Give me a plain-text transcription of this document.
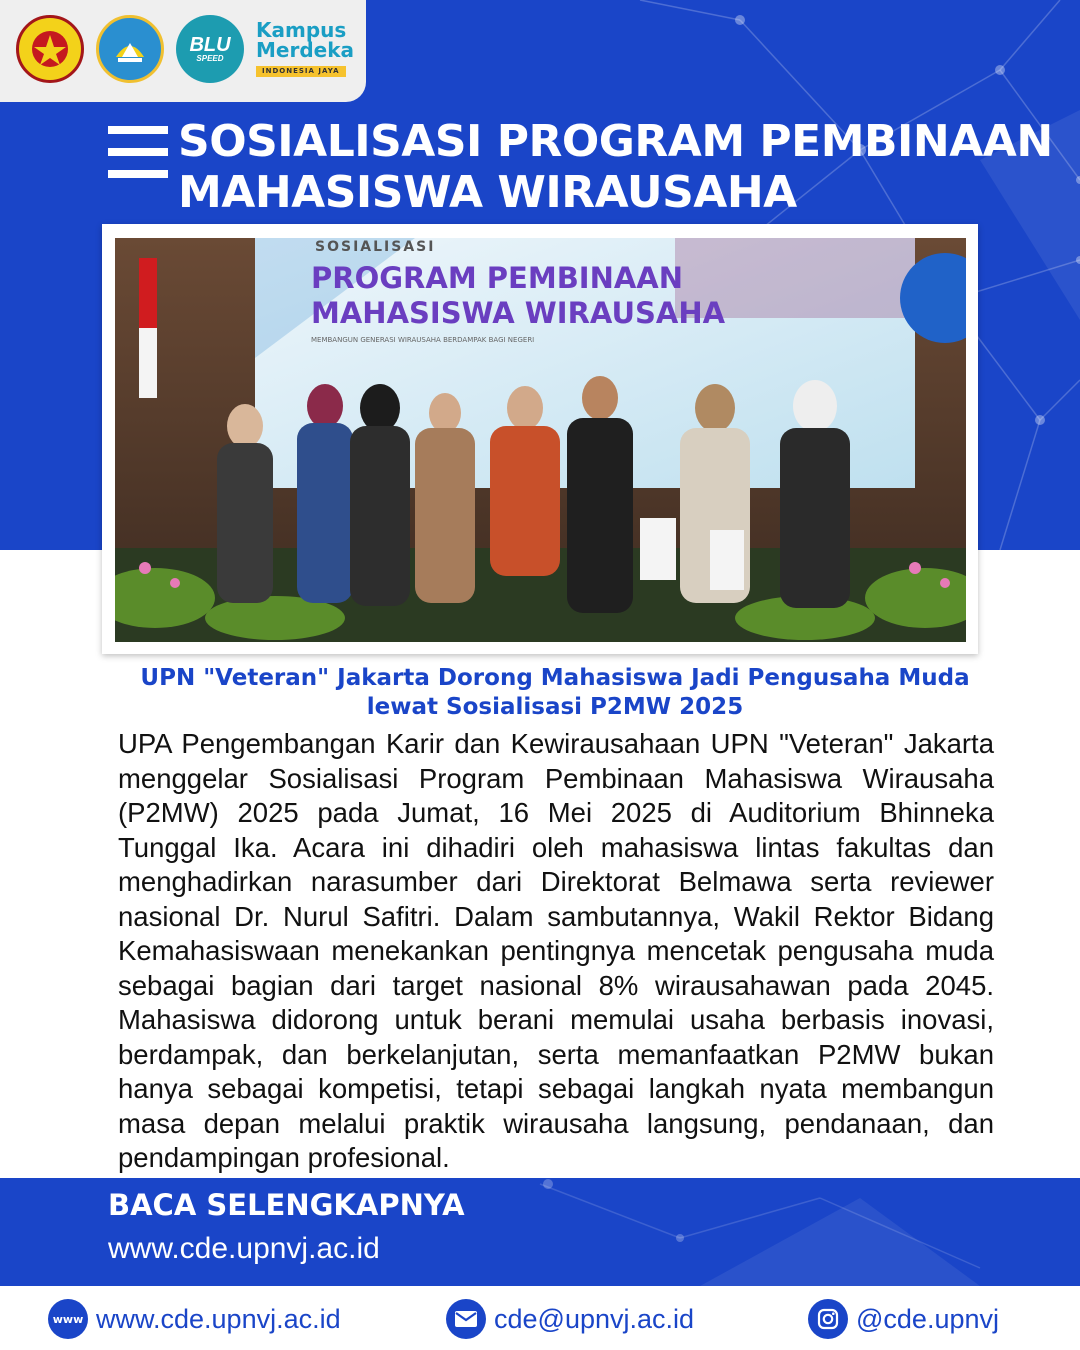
BLU
SPEED
Kampus
Merdeka
INDONESIA JAYA
SOSIALISASI PROGRAM PEMBINAAN
MAHASISWA WIRAUSAHA
SOSIALISASI
PROGRAM PEMBINAAN
MAHASISWA WIRAUSAHA
MEMBANGUN GENERASI WIRAUSAHA BERDAMPAK BAGI NEGERI
UPN "Veteran" Jakarta Dorong Mahasiswa Jadi Pengusaha Muda lewat Sosialisasi P2MW 2025

UPA Pengembangan Karir dan Kewirausahaan UPN "Veteran" Jakarta menggelar Sosialisasi Program Pembinaan Mahasiswa Wirausaha (P2MW) 2025 pada Jumat, 16 Mei 2025 di Auditorium Bhinneka Tunggal Ika. Acara ini dihadiri oleh mahasiswa lintas fakultas dan menghadirkan narasumber dari Direktorat Belmawa serta reviewer nasional Dr. Nurul Safitri. Dalam sambutannya, Wakil Rektor Bidang Kemahasiswaan menekankan pentingnya mencetak pengusaha muda sebagai bagian dari target nasional 8% wirausahawan pada 2045. Mahasiswa didorong untuk berani memulai usaha berbasis inovasi, berdampak, dan berkelanjutan, serta memanfaatkan P2MW bukan hanya sebagai kompetisi, tetapi sebagai langkah nyata membangun masa depan melalui praktik wirausaha langsung, pendanaan, dan pendampingan profesional.

BACA SELENGKAPNYA
www.cde.upnvj.ac.id
www www.cde.upnvj.ac.id	cde@upnvj.ac.id	@cde.upnvj
